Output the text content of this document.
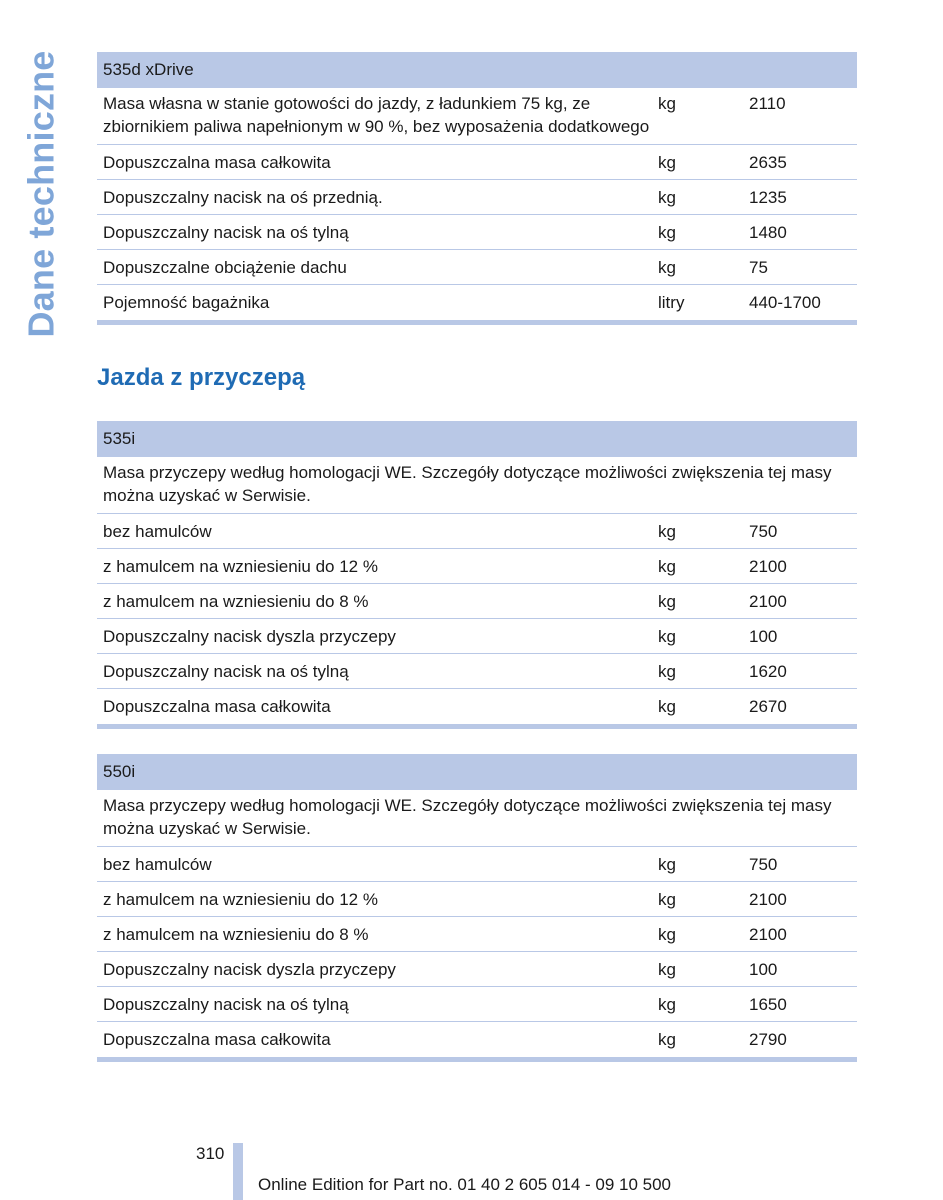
Dane techniczne	535d xDrive
Masa własna w stanie gotowości do jazdy, z ładunkiem 75 kg, ze zbiornikiem paliwa napełnionym w 90 %, bez wyposażenia dodatkowego
kg	2110
Dopuszczalna masa całkowita	kg	2635
Dopuszczalny nacisk na oś przednią.	kg	1235
Dopuszczalny nacisk na oś tylną	kg	1480
Dopuszczalne obciążenie dachu	kg	75
Pojemność bagażnika	litry	440-1700
Jazda z przyczepą
535i
Masa przyczepy według homologacji WE. Szczegóły dotyczące możliwości zwiększenia tej masy można uzyskać w Serwisie.
bez hamulców	kg	750
z hamulcem na wzniesieniu do 12 %	kg	2100
z hamulcem na wzniesieniu do 8 %	kg	2100
Dopuszczalny nacisk dyszla przyczepy	kg	100
Dopuszczalny nacisk na oś tylną	kg	1620
Dopuszczalna masa całkowita	kg	2670
550i
Masa przyczepy według homologacji WE. Szczegóły dotyczące możliwości zwiększenia tej masy można uzyskać w Serwisie.
bez hamulców	kg	750
z hamulcem na wzniesieniu do 12 %	kg	2100
z hamulcem na wzniesieniu do 8 %	kg	2100
Dopuszczalny nacisk dyszla przyczepy	kg	100
Dopuszczalny nacisk na oś tylną	kg	1650
Dopuszczalna masa całkowita	kg	2790
310
Online Edition for Part no. 01 40 2 605 014 - 09 10 500
